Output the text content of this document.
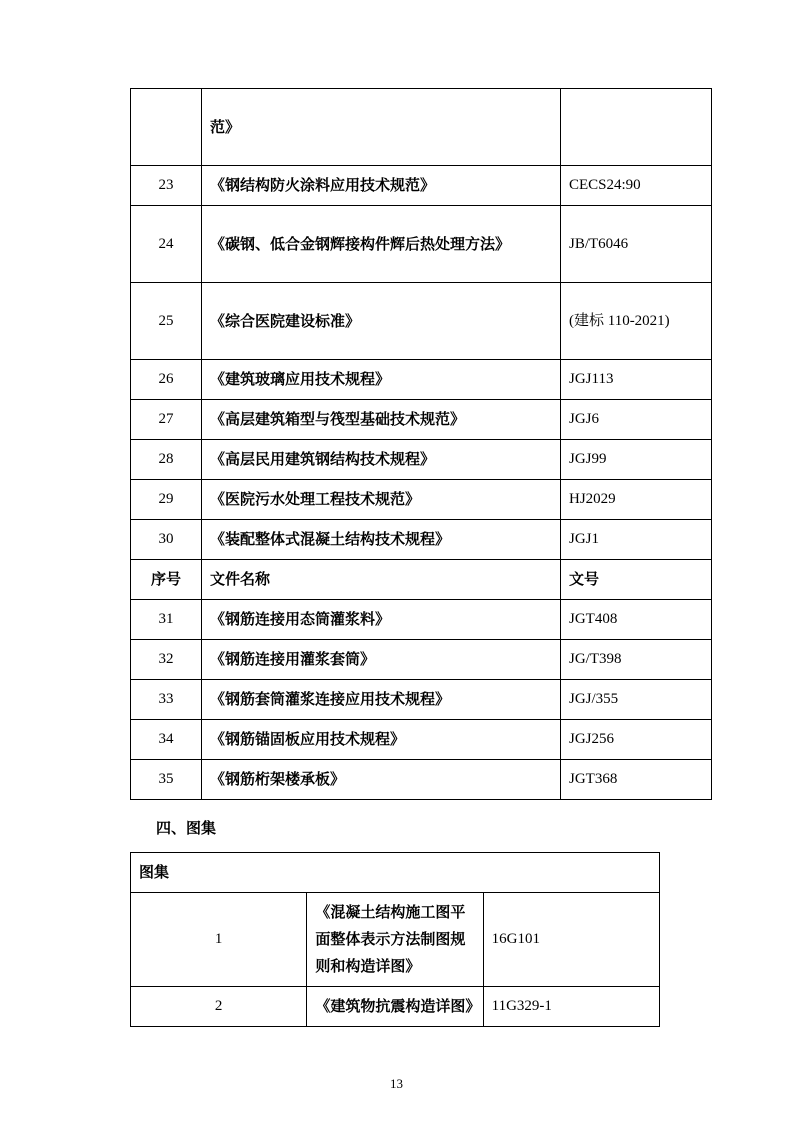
	范》	
23	《钢结构防火涂料应用技术规范》	CECS24:90
24	《碳钢、低合金钢辉接构件辉后热处理方法》	JB/T6046
25	《综合医院建设标准》	(建标 110-2021)
26	《建筑玻璃应用技术规程》	JGJ113
27	《高层建筑箱型与筏型基础技术规范》	JGJ6
28	《高层民用建筑钢结构技术规程》	JGJ99
29	《医院污水处理工程技术规范》	HJ2029
30	《装配整体式混凝土结构技术规程》	JGJ1
序号	文件名称	文号
31	《钢筋连接用态筒灌浆料》	JGT408
32	《钢筋连接用灌浆套筒》	JG/T398
33	《钢筋套筒灌浆连接应用技术规程》	JGJ/355
34	《钢筋锚固板应用技术规程》	JGJ256
35	《钢筋桁架楼承板》	JGT368
四、图集
图集		
1	《混凝土结构施工图平面整体表示方法制图规则和构造详图》	16G101
2	《建筑物抗震构造详图》	11G329-1
13
